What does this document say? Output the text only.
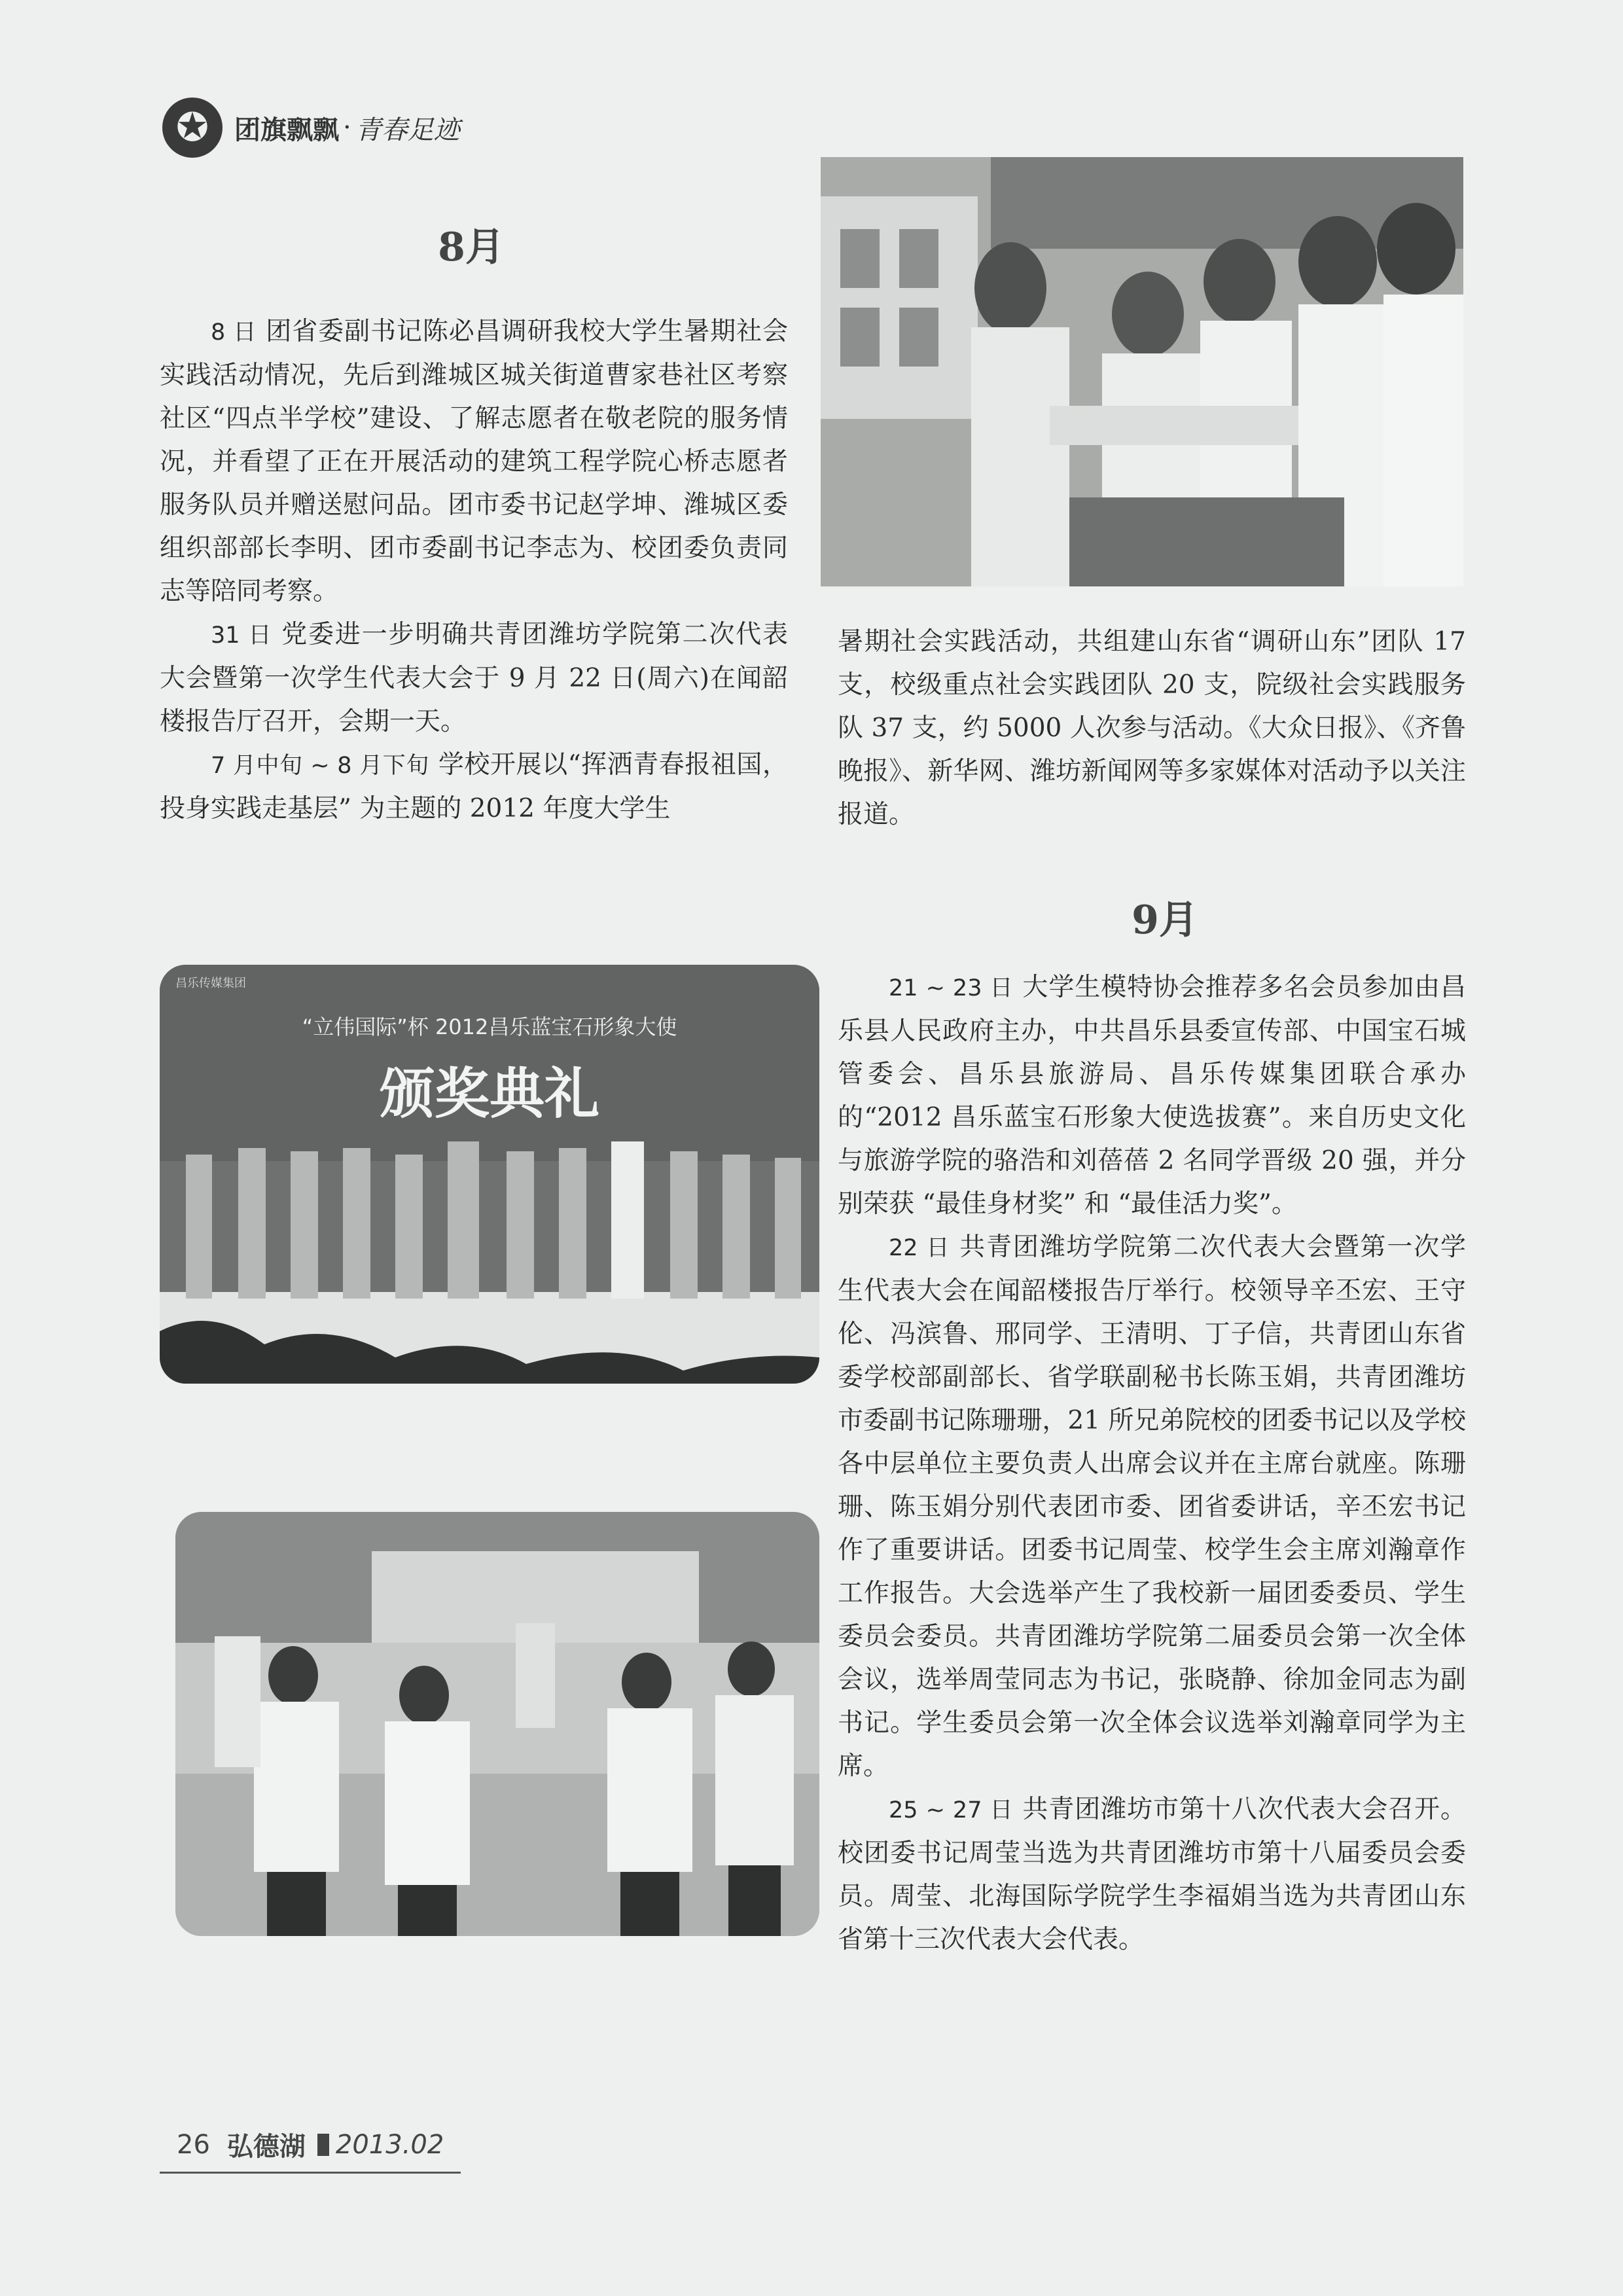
✪ 团旗飘飘 · 青春足迹
8月

8 日 团省委副书记陈必昌调研我校大学生暑期社会实践活动情况，先后到潍城区城关街道曹家巷社区考察社区“四点半学校”建设、了解志愿者在敬老院的服务情况，并看望了正在开展活动的建筑工程学院心桥志愿者服务队员并赠送慰问品。团市委书记赵学坤、潍城区委组织部部长李明、团市委副书记李志为、校团委负责同志等陪同考察。

31 日 党委进一步明确共青团潍坊学院第二次代表大会暨第一次学生代表大会于 9 月 22 日(周六)在闻韶楼报告厅召开，会期一天。

7 月中旬 ~ 8 月下旬 学校开展以“挥洒青春报祖国，投身实践走基层” 为主题的 2012 年度大学生

暑期社会实践活动，共组建山东省“调研山东”团队 17 支，校级重点社会实践团队 20 支，院级社会实践服务队 37 支，约 5000 人次参与活动。《大众日报》、《齐鲁晚报》、新华网、潍坊新闻网等多家媒体对活动予以关注报道。

9月
昌乐传媒集团
“立伟国际”杯 2012昌乐蓝宝石形象大使
颁奖典礼

21 ~ 23 日 大学生模特协会推荐多名会员参加由昌乐县人民政府主办，中共昌乐县委宣传部、中国宝石城管委会、昌乐县旅游局、昌乐传媒集团联合承办的“2012 昌乐蓝宝石形象大使选拔赛”。来自历史文化与旅游学院的骆浩和刘蓓蓓 2 名同学晋级 20 强，并分别荣获 “最佳身材奖” 和 “最佳活力奖”。

22 日 共青团潍坊学院第二次代表大会暨第一次学生代表大会在闻韶楼报告厅举行。校领导辛丕宏、王守伦、冯滨鲁、邢同学、王清明、丁子信，共青团山东省委学校部副部长、省学联副秘书长陈玉娟，共青团潍坊市委副书记陈珊珊，21 所兄弟院校的团委书记以及学校各中层单位主要负责人出席会议并在主席台就座。陈珊珊、陈玉娟分别代表团市委、团省委讲话，辛丕宏书记作了重要讲话。团委书记周莹、校学生会主席刘瀚章作工作报告。大会选举产生了我校新一届团委委员、学生委员会委员。共青团潍坊学院第二届委员会第一次全体会议，选举周莹同志为书记，张晓静、徐加金同志为副书记。学生委员会第一次全体会议选举刘瀚章同学为主席。

25 ~ 27 日 共青团潍坊市第十八次代表大会召开。校团委书记周莹当选为共青团潍坊市第十八届委员会委员。周莹、北海国际学院学生李福娟当选为共青团山东省第十三次代表大会代表。

26 弘德湖 2013.02
